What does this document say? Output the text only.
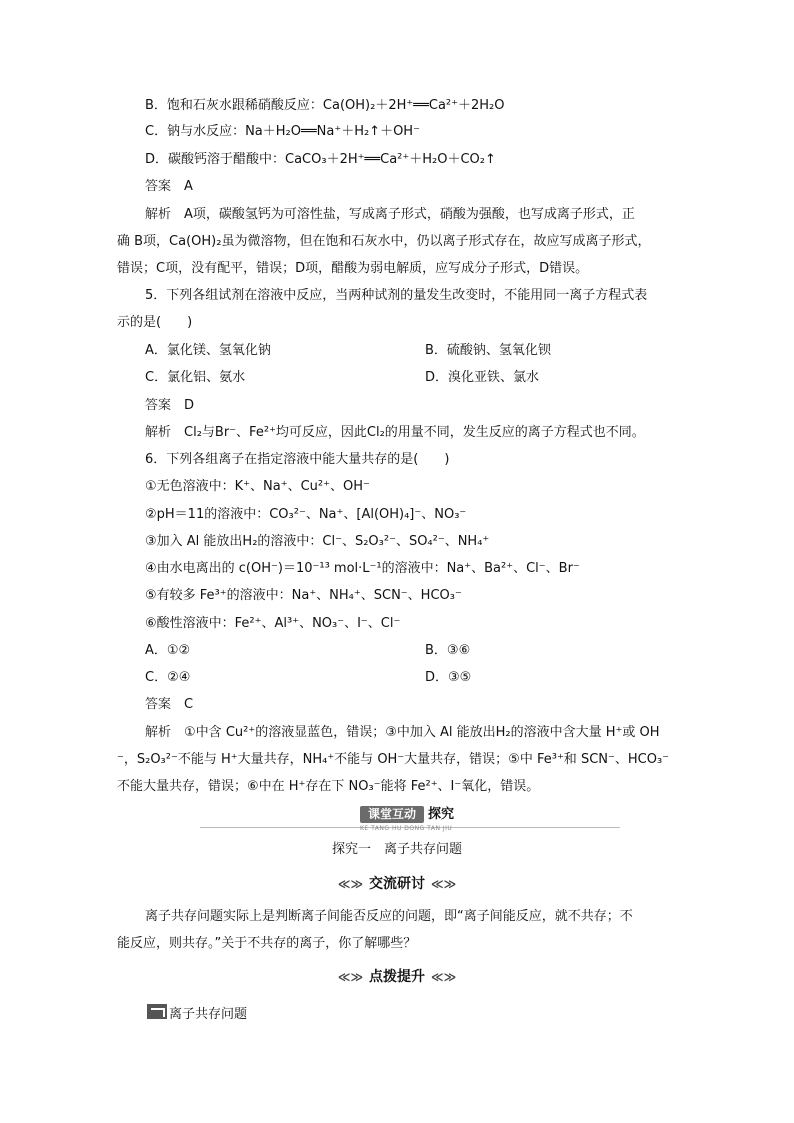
B．饱和石灰水跟稀硝酸反应：Ca(OH)₂＋2H⁺══Ca²⁺＋2H₂O
C．钠与水反应：Na＋H₂O══Na⁺＋H₂↑＋OH⁻
D．碳酸钙溶于醋酸中：CaCO₃＋2H⁺══Ca²⁺＋H₂O＋CO₂↑
答案　 A
解析　 A项，碳酸氢钙为可溶性盐，写成离子形式，硝酸为强酸，也写成离子形式，正
确 B项，Ca(OH)₂虽为微溶物，但在饱和石灰水中，仍以离子形式存在，故应写成离子形式，
错误；C项，没有配平，错误；D项，醋酸为弱电解质，应写成分子形式，D错误。
5．下列各组试剂在溶液中反应，当两种试剂的量发生改变时，不能用同一离子方程式表
示的是(　　)
A．氯化镁、氢氧化钠	B．硫酸钠、氢氧化钡
C．氯化铝、氨水	D．溴化亚铁、氯水
答案　 D
解析　 Cl₂与Br⁻、Fe²⁺均可反应，因此Cl₂的用量不同，发生反应的离子方程式也不同。
6．下列各组离子在指定溶液中能大量共存的是(　　)
①无色溶液中：K⁺、Na⁺、Cu²⁺、OH⁻
②pH＝11的溶液中：CO₃²⁻、Na⁺、[Al(OH)₄]⁻、NO₃⁻
③加入 Al 能放出H₂的溶液中：Cl⁻、S₂O₃²⁻、SO₄²⁻、NH₄⁺
④由水电离出的 c(OH⁻)＝10⁻¹³ mol·L⁻¹的溶液中：Na⁺、Ba²⁺、Cl⁻、Br⁻
⑤有较多 Fe³⁺的溶液中：Na⁺、NH₄⁺、SCN⁻、HCO₃⁻
⑥酸性溶液中：Fe²⁺、Al³⁺、NO₃⁻、I⁻、Cl⁻
A．①②	B．③⑥
C．②④	D．③⑤
答案　 C
解析　 ①中含 Cu²⁺的溶液显蓝色，错误；③中加入 Al 能放出H₂的溶液中含大量 H⁺或 OH
⁻，S₂O₃²⁻不能与 H⁺大量共存，NH₄⁺不能与 OH⁻大量共存，错误；⑤中 Fe³⁺和 SCN⁻、HCO₃⁻
不能大量共存，错误；⑥中在 H⁺存在下 NO₃⁻能将 Fe²⁺、I⁻氧化，错误。
课堂互动 探究
KE TANG HU DONG TAN JIU
探究一　离子共存问题
≪≫ 交流研讨 ≪≫
离子共存问题实际上是判断离子间能否反应的问题，即“离子间能反应，就不共存；不
能反应，则共存。”关于不共存的离子，你了解哪些？
≪≫ 点拨提升 ≪≫
离子共存问题
